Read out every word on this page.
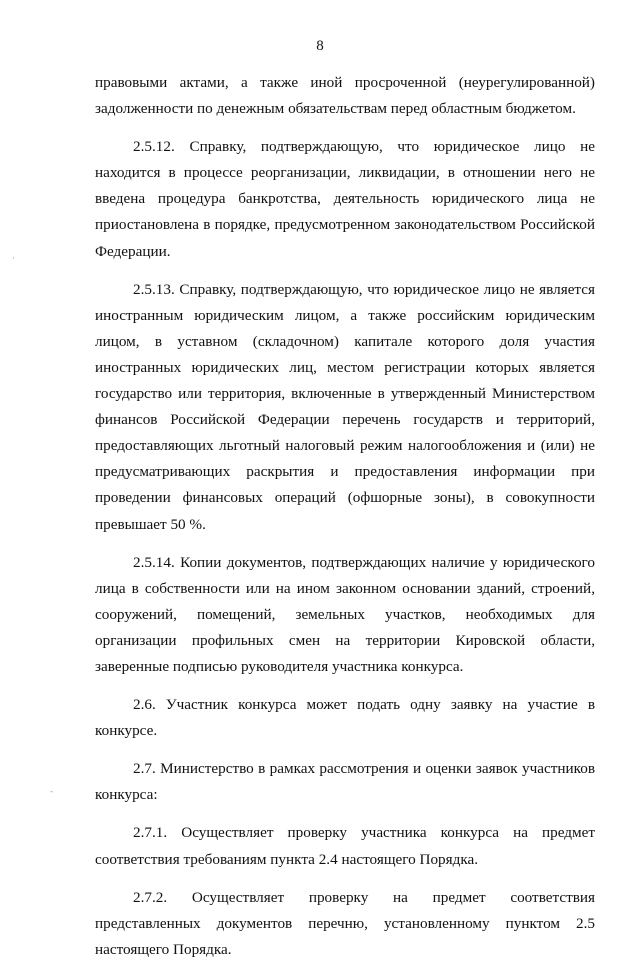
8

правовыми актами, а также иной просроченной (неурегулированной) задолженности по денежным обязательствам перед областным бюджетом.

2.5.12. Справку, подтверждающую, что юридическое лицо не находится в процессе реорганизации, ликвидации, в отношении него не введена процедура банкротства, деятельность юридического лица не приостановлена в порядке, предусмотренном законодательством Российской Федерации.

2.5.13. Справку, подтверждающую, что юридическое лицо не является иностранным юридическим лицом, а также российским юридическим лицом, в уставном (складочном) капитале которого доля участия иностранных юридических лиц, местом регистрации которых является государство или территория, включенные в утвержденный Министерством финансов Российской Федерации перечень государств и территорий, предоставляющих льготный налоговый режим налогообложения и (или) не предусматривающих раскрытия и предоставления информации при проведении финансовых операций (офшорные зоны), в совокупности превышает 50 %.

2.5.14. Копии документов, подтверждающих наличие у юридического лица в собственности или на ином законном основании зданий, строений, сооружений, помещений, земельных участков, необходимых для организации профильных смен на территории Кировской области, заверенные подписью руководителя участника конкурса.

2.6. Участник конкурса может подать одну заявку на участие в конкурсе.

2.7. Министерство в рамках рассмотрения и оценки заявок участников конкурса:

2.7.1. Осуществляет проверку участника конкурса на предмет соответствия требованиям пункта 2.4 настоящего Порядка.

2.7.2. Осуществляет проверку на предмет соответствия представленных документов перечню, установленному пунктом 2.5 настоящего Порядка.

·
-
